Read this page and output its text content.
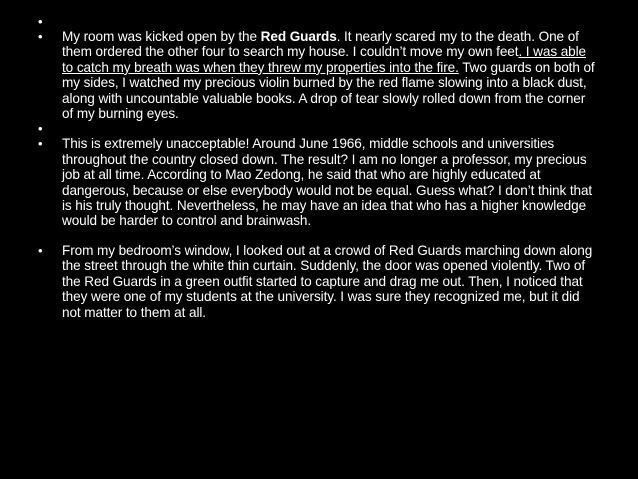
•
•	My room was kicked open by the Red Guards. It nearly scared my to the death. One of them ordered the other four to search my house. I couldn’t move my own feet. I was able to catch my breath was when they threw my properties into the fire. Two guards on both of my sides, I watched my precious violin burned by the red flame slowing into a black dust, along with uncountable valuable books. A drop of tear slowly rolled down from the corner of my burning eyes.
•
•	This is extremely unacceptable! Around June 1966, middle schools and universities throughout the country closed down. The result? I am no longer a professor, my precious job at all time. According to Mao Zedong, he said that who are highly educated at dangerous, because or else everybody would not be equal. Guess what? I don’t think that is his truly thought. Nevertheless, he may have an idea that who has a higher knowledge would be harder to control and brainwash.
•	From my bedroom’s window, I looked out at a crowd of Red Guards marching down along the street through the white thin curtain. Suddenly, the door was opened violently. Two of the Red Guards in a green outfit started to capture and drag me out. Then, I noticed that they were one of my students at the university. I was sure they recognized me, but it did not matter to them at all.
